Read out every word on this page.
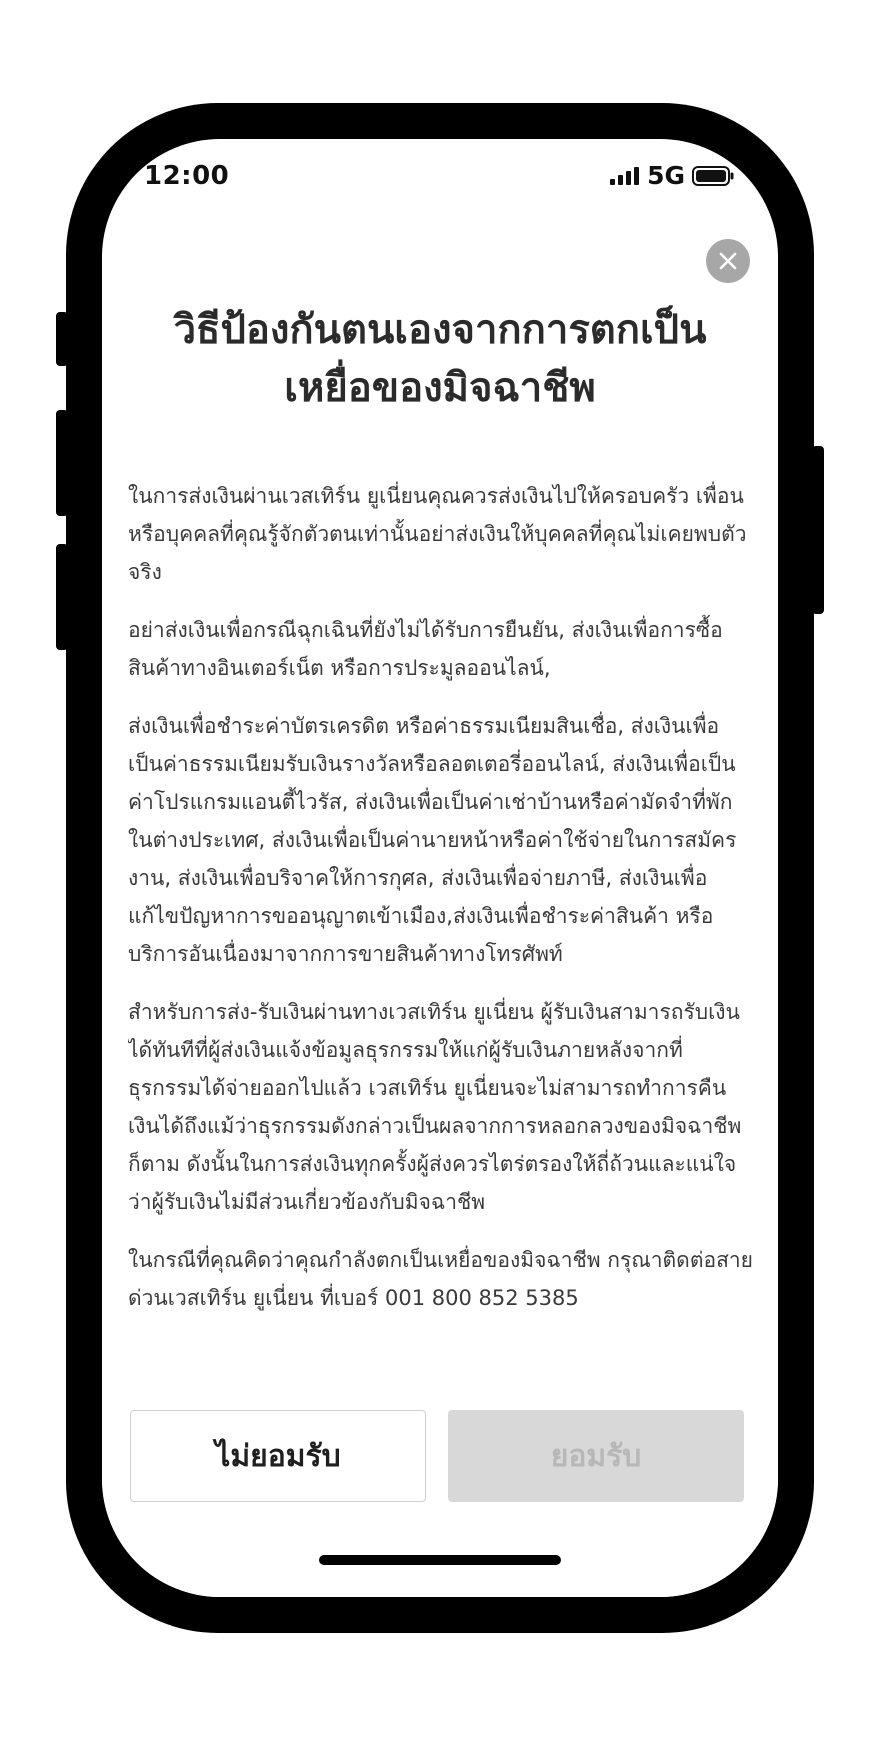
12:00	5G
วิธีป้องกันตนเองจากการตกเป็นเหยื่อของมิจฉาชีพ

ในการส่งเงินผ่านเวสเทิร์น ยูเนี่ยนคุณควรส่งเงินไปให้ครอบครัว เพื่อน หรือบุคคลที่คุณรู้จักตัวตนเท่านั้นอย่าส่งเงินให้บุคคลที่คุณไม่เคยพบตัวจริง

อย่าส่งเงินเพื่อกรณีฉุกเฉินที่ยังไม่ได้รับการยืนยัน, ส่งเงินเพื่อการซื้อสินค้าทางอินเตอร์เน็ต หรือการประมูลออนไลน์,

ส่งเงินเพื่อชำระค่าบัตรเครดิต หรือค่าธรรมเนียมสินเชื่อ, ส่งเงินเพื่อเป็นค่าธรรมเนียมรับเงินรางวัลหรือลอตเตอรี่ออนไลน์, ส่งเงินเพื่อเป็นค่าโปรแกรมแอนตี้ไวรัส, ส่งเงินเพื่อเป็นค่าเช่าบ้านหรือค่ามัดจำที่พักในต่างประเทศ, ส่งเงินเพื่อเป็นค่านายหน้าหรือค่าใช้จ่ายในการสมัครงาน, ส่งเงินเพื่อบริจาคให้การกุศล, ส่งเงินเพื่อจ่ายภาษี, ส่งเงินเพื่อแก้ไขปัญหาการขออนุญาตเข้าเมือง,ส่งเงินเพื่อชำระค่าสินค้า หรือบริการอันเนื่องมาจากการขายสินค้าทางโทรศัพท์

สำหรับการส่ง-รับเงินผ่านทางเวสเทิร์น ยูเนี่ยน ผู้รับเงินสามารถรับเงินได้ทันทีที่ผู้ส่งเงินแจ้งข้อมูลธุรกรรมให้แก่ผู้รับเงินภายหลังจากที่ธุรกรรมได้จ่ายออกไปแล้ว เวสเทิร์น ยูเนี่ยนจะไม่สามารถทำการคืนเงินได้ถึงแม้ว่าธุรกรรมดังกล่าวเป็นผลจากการหลอกลวงของมิจฉาชีพก็ตาม ดังนั้นในการส่งเงินทุกครั้งผู้ส่งควรไตร่ตรองให้ถี่ถ้วนและแน่ใจว่าผู้รับเงินไม่มีส่วนเกี่ยวข้องกับมิจฉาชีพ

ในกรณีที่คุณคิดว่าคุณกำลังตกเป็นเหยื่อของมิจฉาชีพ กรุณาติดต่อสายด่วนเวสเทิร์น ยูเนี่ยน ที่เบอร์ 001 800 852 5385

ไม่ยอมรับ	ยอมรับ
